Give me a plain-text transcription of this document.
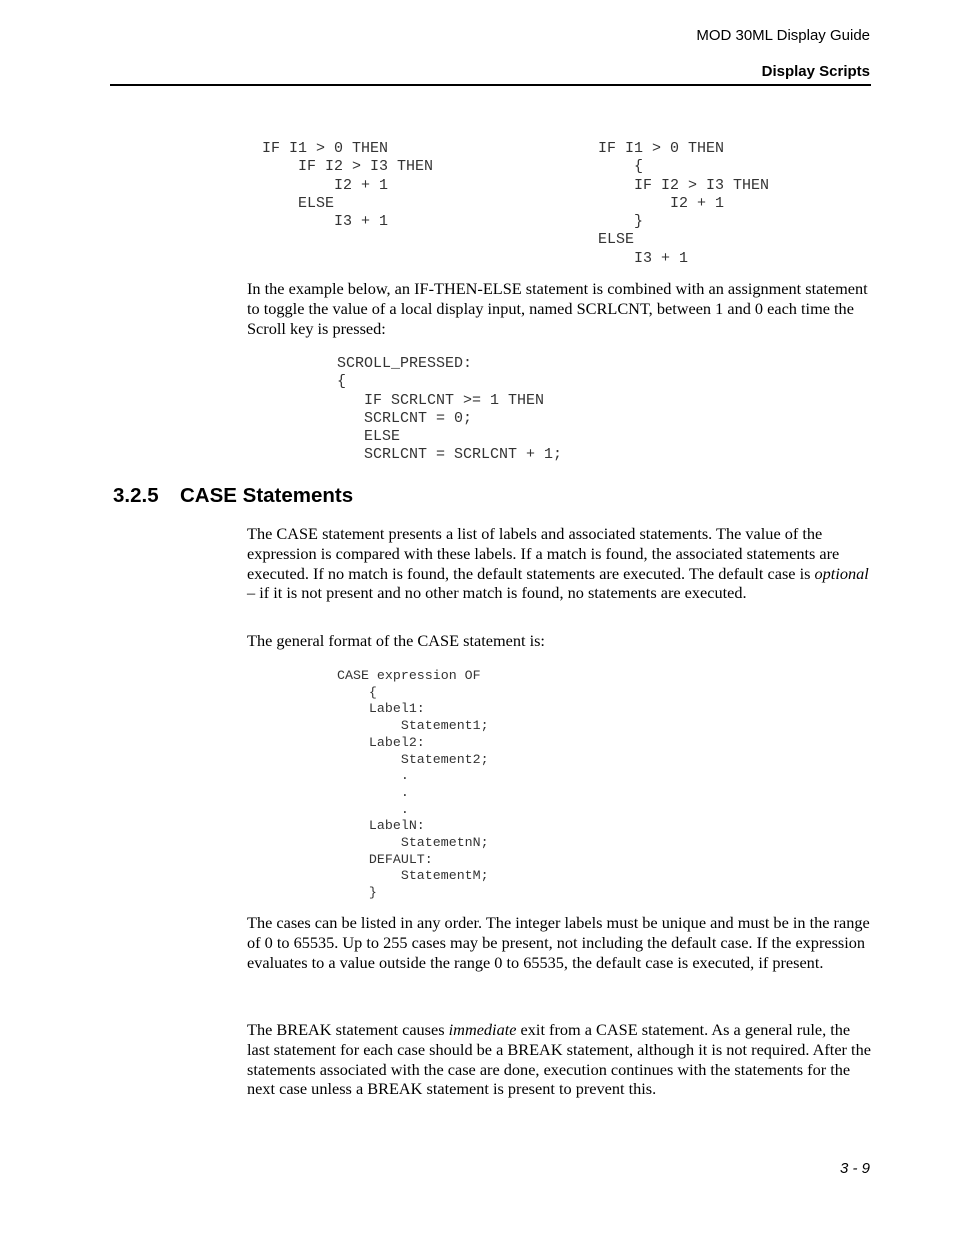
MOD 30ML Display Guide
Display Scripts
IF I1 > 0 THEN
IF I2 > I3 THEN
I2 + 1
ELSE
I3 + 1
IF I1 > 0 THEN
{
IF I2 > I3 THEN
I2 + 1
}
ELSE
I3 + 1

In the example below, an IF-THEN-ELSE statement is combined with an assignment statement to toggle the value of a local display input, named SCRLCNT, between 1 and 0 each time the Scroll key is pressed:

SCROLL_PRESSED:
{
IF SCRLCNT >= 1 THEN
SCRLCNT = 0;
ELSE
SCRLCNT = SCRLCNT + 1;
3.2.5 CASE Statements

The CASE statement presents a list of labels and associated statements. The value of the expression is compared with these labels. If a match is found, the associated statements are executed. If no match is found, the default statements are executed. The default case is optional – if it is not present and no other match is found, no statements are executed.

The general format of the CASE statement is:

CASE expression OF
{
Label1:
Statement1;
Label2:
Statement2;
.
.
.
LabelN:
StatemetnN;
DEFAULT:
StatementM;
}

The cases can be listed in any order. The integer labels must be unique and must be in the range of 0 to 65535. Up to 255 cases may be present, not including the default case. If the expression evaluates to a value outside the range 0 to 65535, the default case is executed, if present.

The BREAK statement causes immediate exit from a CASE statement. As a general rule, the last statement for each case should be a BREAK statement, although it is not required. After the statements associated with the case are done, execution continues with the statements for the next case unless a BREAK statement is present to prevent this.

3 - 9
